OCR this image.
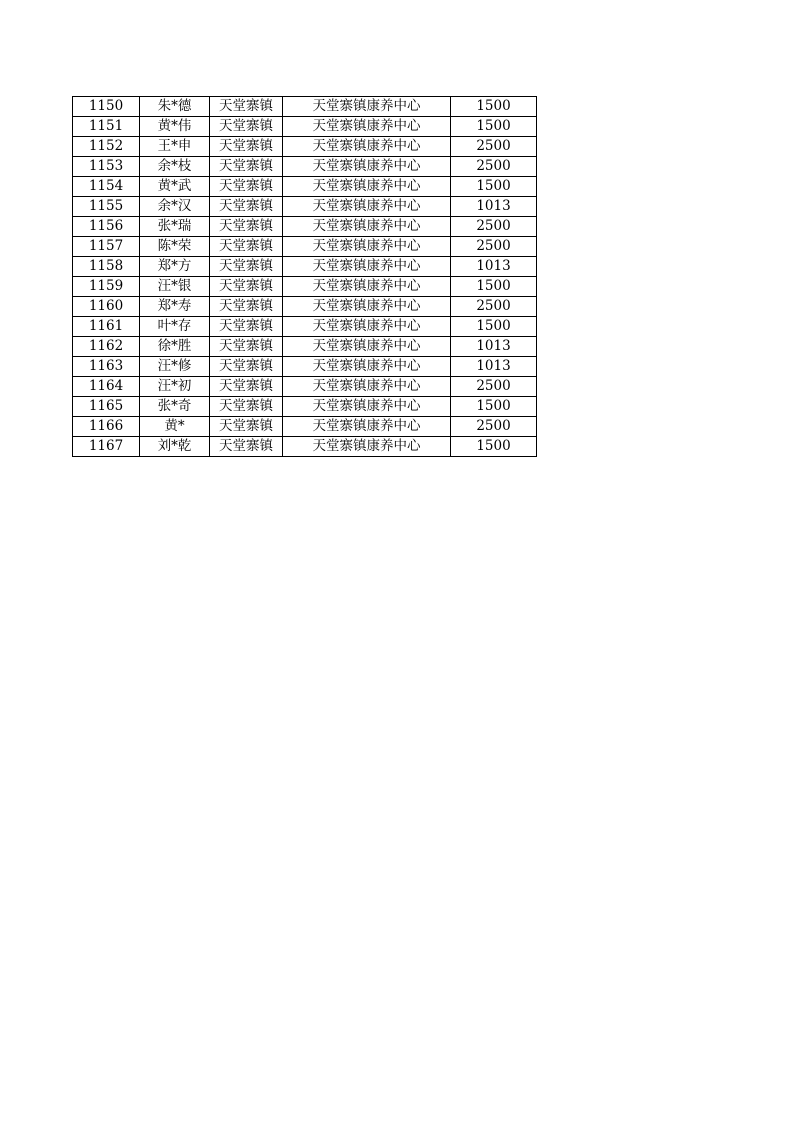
1150	朱*德	天堂寨镇	天堂寨镇康养中心	1500
1151	黄*伟	天堂寨镇	天堂寨镇康养中心	1500
1152	王*申	天堂寨镇	天堂寨镇康养中心	2500
1153	余*枝	天堂寨镇	天堂寨镇康养中心	2500
1154	黄*武	天堂寨镇	天堂寨镇康养中心	1500
1155	余*汉	天堂寨镇	天堂寨镇康养中心	1013
1156	张*瑞	天堂寨镇	天堂寨镇康养中心	2500
1157	陈*荣	天堂寨镇	天堂寨镇康养中心	2500
1158	郑*方	天堂寨镇	天堂寨镇康养中心	1013
1159	汪*银	天堂寨镇	天堂寨镇康养中心	1500
1160	郑*寿	天堂寨镇	天堂寨镇康养中心	2500
1161	叶*存	天堂寨镇	天堂寨镇康养中心	1500
1162	徐*胜	天堂寨镇	天堂寨镇康养中心	1013
1163	汪*修	天堂寨镇	天堂寨镇康养中心	1013
1164	汪*初	天堂寨镇	天堂寨镇康养中心	2500
1165	张*奇	天堂寨镇	天堂寨镇康养中心	1500
1166	黄*	天堂寨镇	天堂寨镇康养中心	2500
1167	刘*乾	天堂寨镇	天堂寨镇康养中心	1500
